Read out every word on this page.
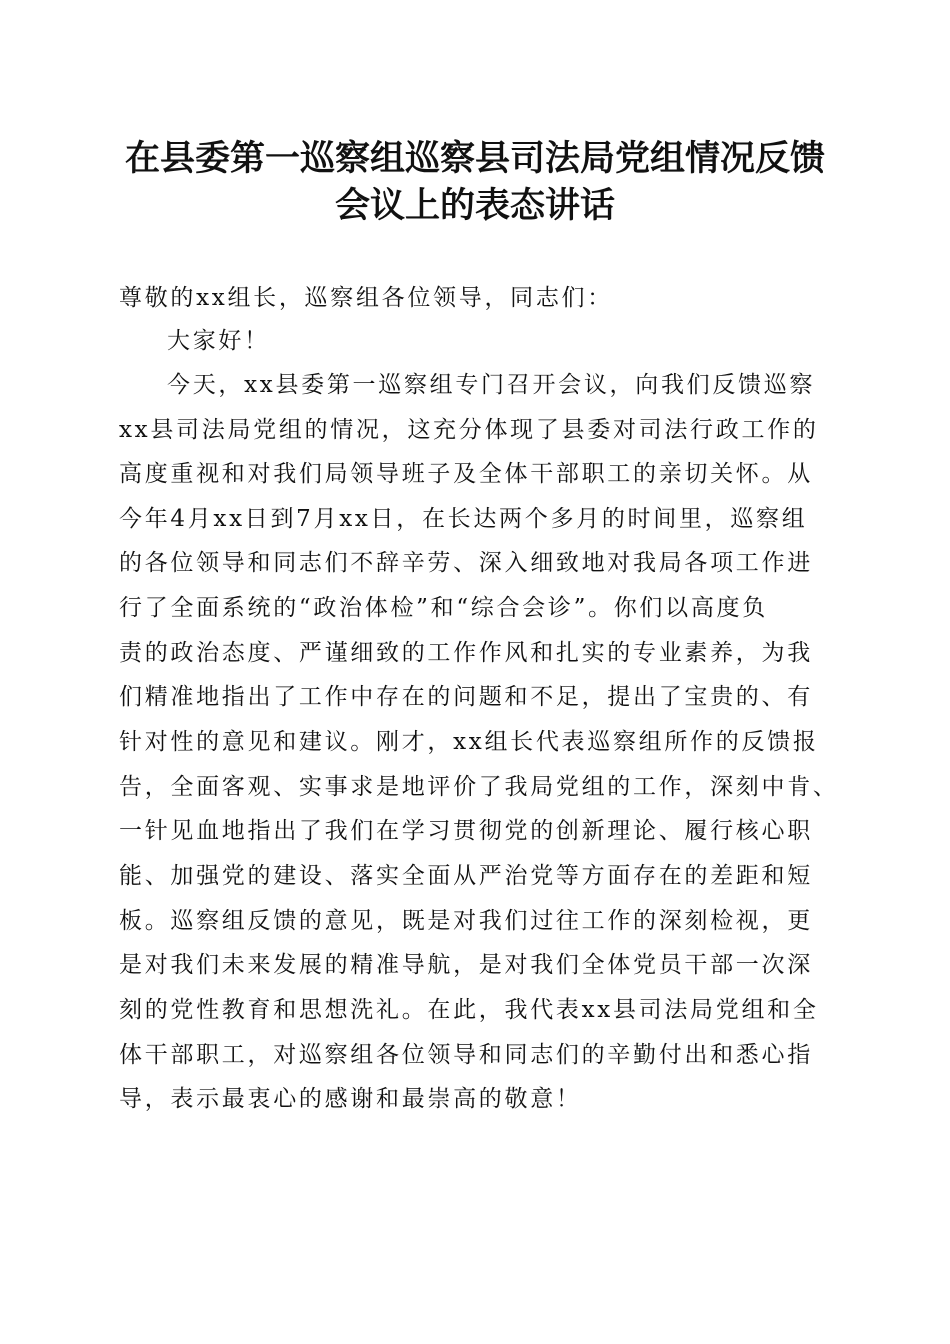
在县委第一巡察组巡察县司法局党组情况反馈
会议上的表态讲话
尊敬的xx组长，巡察组各位领导，同志们：
大家好！
今天，xx县委第一巡察组专门召开会议，向我们反馈巡察
xx县司法局党组的情况，这充分体现了县委对司法行政工作的
高度重视和对我们局领导班子及全体干部职工的亲切关怀。从
今年4月xx日到7月xx日，在长达两个多月的时间里，巡察组
的各位领导和同志们不辞辛劳、深入细致地对我局各项工作进
行了全面系统的“政治体检”和“综合会诊”。你们以高度负
责的政治态度、严谨细致的工作作风和扎实的专业素养，为我
们精准地指出了工作中存在的问题和不足，提出了宝贵的、有
针对性的意见和建议。刚才，xx组长代表巡察组所作的反馈报
告，全面客观、实事求是地评价了我局党组的工作，深刻中肯、
一针见血地指出了我们在学习贯彻党的创新理论、履行核心职
能、加强党的建设、落实全面从严治党等方面存在的差距和短
板。巡察组反馈的意见，既是对我们过往工作的深刻检视，更
是对我们未来发展的精准导航，是对我们全体党员干部一次深
刻的党性教育和思想洗礼。在此，我代表xx县司法局党组和全
体干部职工，对巡察组各位领导和同志们的辛勤付出和悉心指
导，表示最衷心的感谢和最崇高的敬意！
